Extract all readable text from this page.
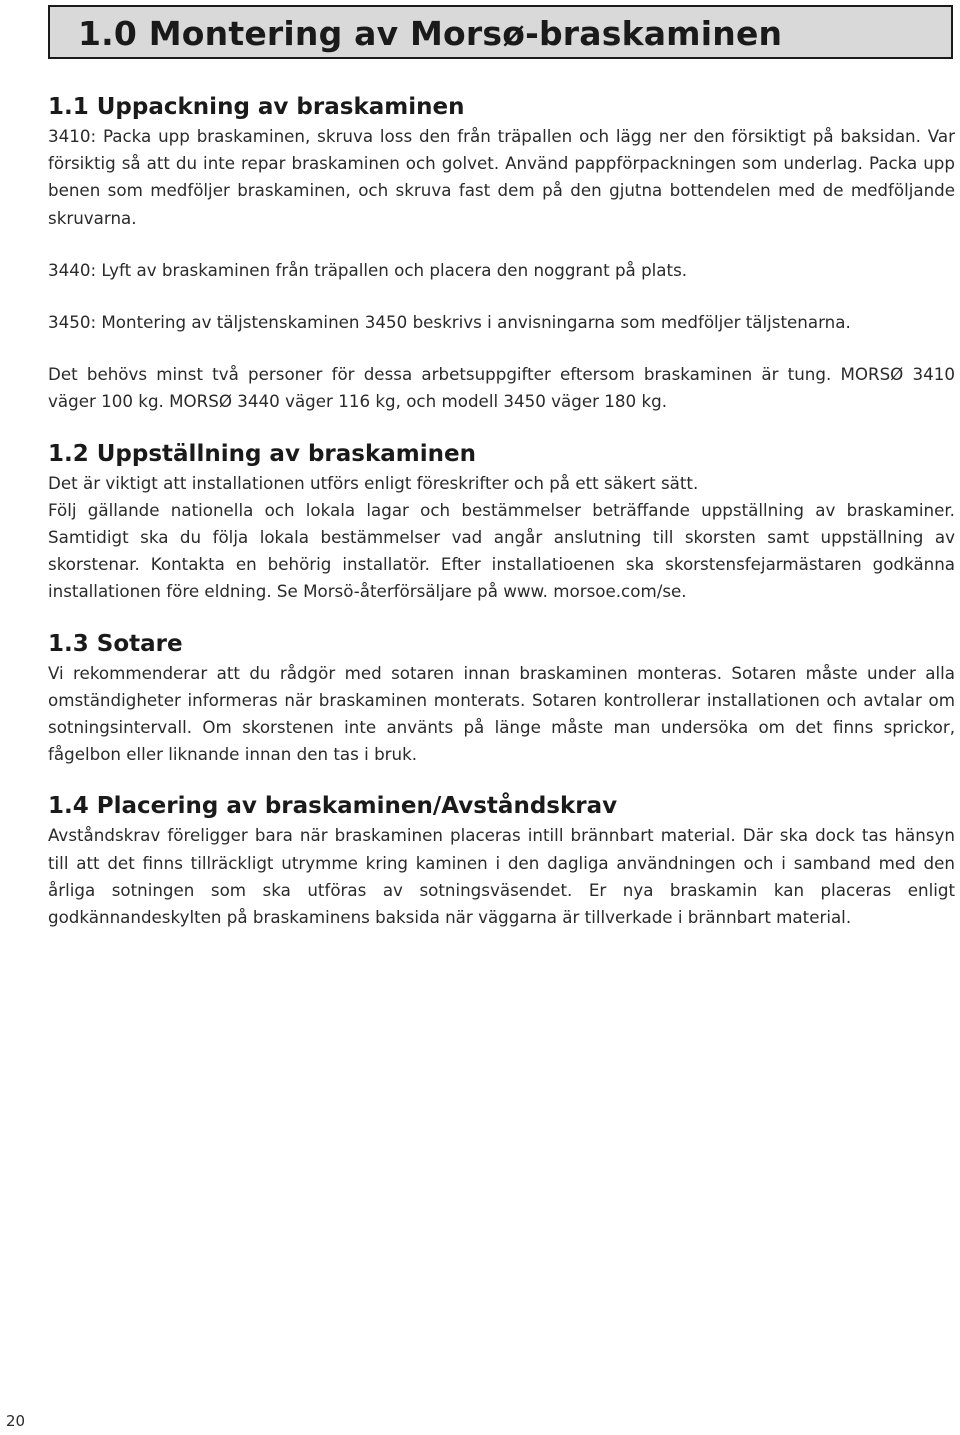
1.0 Montering av Morsø-braskaminen
1.1 Uppackning av braskaminen

3410: Packa upp braskaminen, skruva loss den från träpallen och lägg ner den försiktigt på baksidan. Var försiktig så att du inte repar braskaminen och golvet. Använd pappförpackningen som underlag. Packa upp benen som medföljer braskaminen, och skruva fast dem på den gjutna bottendelen med de medföljande skruvarna.

3440: Lyft av braskaminen från träpallen och placera den noggrant på plats.

3450: Montering av täljstenskaminen 3450 beskrivs i anvisningarna som medföljer täljstenarna.

Det behövs minst två personer för dessa arbetsuppgifter eftersom braskaminen är tung. MORSØ 3410 väger 100 kg. MORSØ 3440 väger 116 kg, och modell 3450 väger 180 kg.

1.2 Uppställning av braskaminen

Det är viktigt att installationen utförs enligt föreskrifter och på ett säkert sätt.

Följ gällande nationella och lokala lagar och bestämmelser beträffande uppställning av braskaminer. Samtidigt ska du följa lokala bestämmelser vad angår anslutning till skorsten samt uppställning av skorstenar. Kontakta en behörig installatör. Efter installatioenen ska skorstensfejarmästaren godkänna installationen före eldning. Se Morsö-återförsäljare på www. morsoe.com/se.

1.3 Sotare

Vi rekommenderar att du rådgör med sotaren innan braskaminen monteras. Sotaren måste under alla omständigheter informeras när braskaminen monterats. Sotaren kontrollerar installationen och avtalar om sotningsintervall. Om skorstenen inte använts på länge måste man undersöka om det finns sprickor, fågelbon eller liknande innan den tas i bruk.

1.4 Placering av braskaminen/Avståndskrav

Avståndskrav föreligger bara när braskaminen placeras intill brännbart material. Där ska dock tas hänsyn till att det finns tillräckligt utrymme kring kaminen i den dagliga användningen och i samband med den årliga sotningen som ska utföras av sotningsväsendet. Er nya braskamin kan placeras enligt godkännandeskylten på braskaminens baksida när väggarna är tillverkade i brännbart material.

20
